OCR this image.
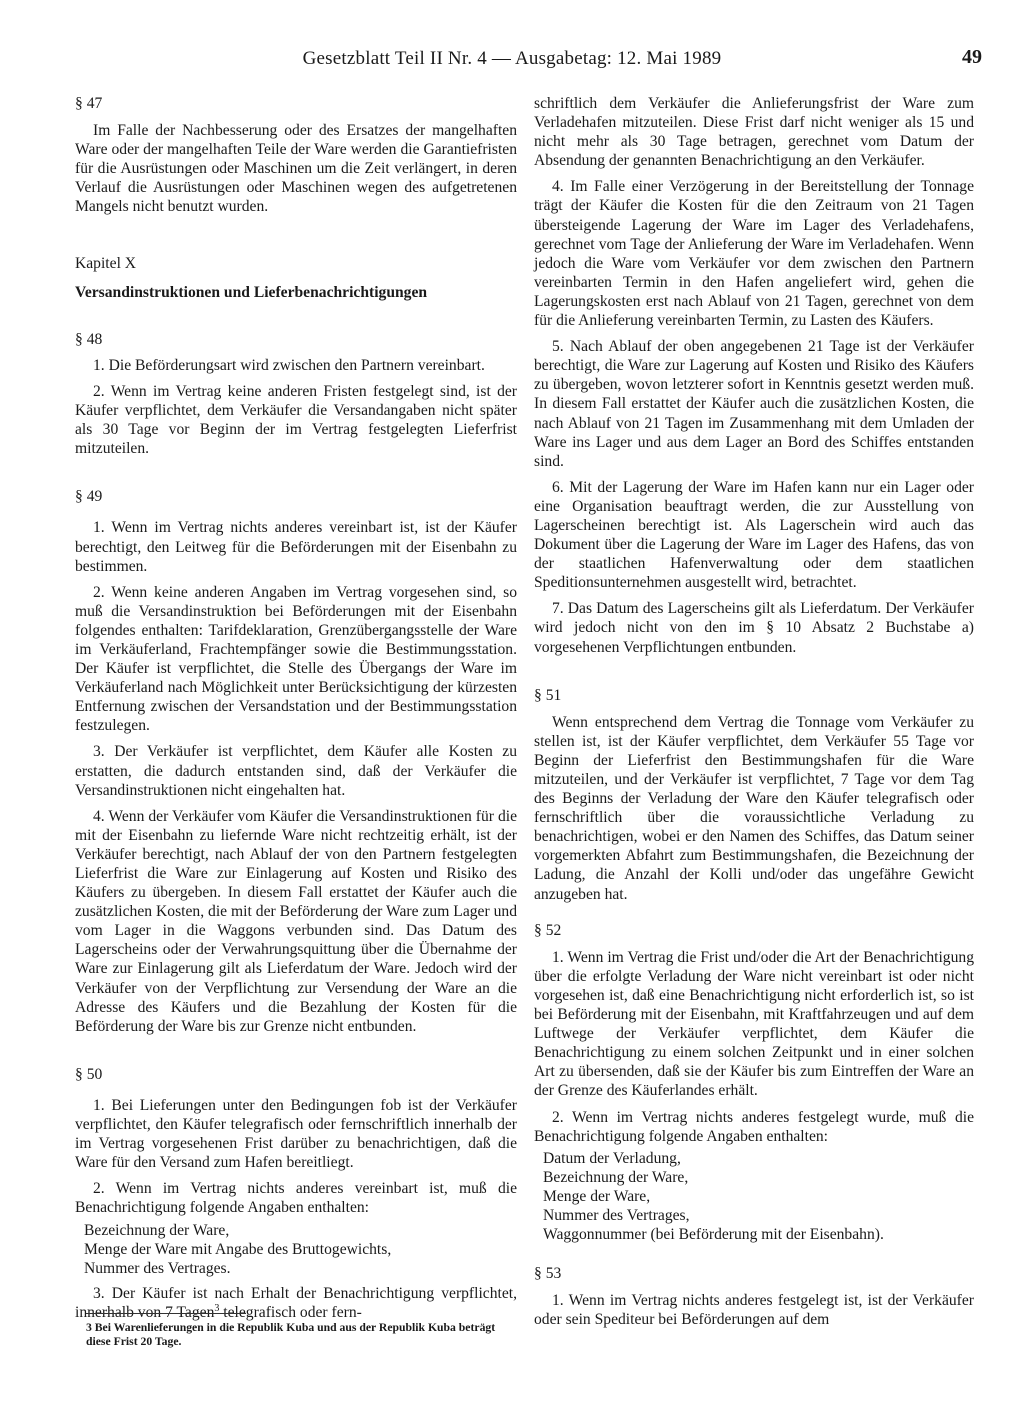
Gesetzblatt Teil II Nr. 4 — Ausgabetag: 12. Mai 1989	49

§ 47

Im Falle der Nachbesserung oder des Ersatzes der mangelhaften Ware oder der mangelhaften Teile der Ware werden die Garantiefristen für die Ausrüstungen oder Maschinen um die Zeit verlängert, in deren Verlauf die Ausrüstungen oder Maschinen wegen des aufgetretenen Mangels nicht benutzt wurden.

Kapitel X

Versandinstruktionen und Lieferbenachrichtigungen

§ 48

1. Die Beförderungsart wird zwischen den Partnern vereinbart.

2. Wenn im Vertrag keine anderen Fristen festgelegt sind, ist der Käufer verpflichtet, dem Verkäufer die Versandangaben nicht später als 30 Tage vor Beginn der im Vertrag festgelegten Lieferfrist mitzuteilen.

§ 49

1. Wenn im Vertrag nichts anderes vereinbart ist, ist der Käufer berechtigt, den Leitweg für die Beförderungen mit der Eisenbahn zu bestimmen.

2. Wenn keine anderen Angaben im Vertrag vorgesehen sind, so muß die Versandinstruktion bei Beförderungen mit der Eisenbahn folgendes enthalten: Tarifdeklaration, Grenzübergangsstelle der Ware im Verkäuferland, Frachtempfänger sowie die Bestimmungsstation. Der Käufer ist verpflichtet, die Stelle des Übergangs der Ware im Verkäuferland nach Möglichkeit unter Berücksichtigung der kürzesten Entfernung zwischen der Versandstation und der Bestimmungsstation festzulegen.

3. Der Verkäufer ist verpflichtet, dem Käufer alle Kosten zu erstatten, die dadurch entstanden sind, daß der Verkäufer die Versandinstruktionen nicht eingehalten hat.

4. Wenn der Verkäufer vom Käufer die Versandinstruktionen für die mit der Eisenbahn zu liefernde Ware nicht rechtzeitig erhält, ist der Verkäufer berechtigt, nach Ablauf der von den Partnern festgelegten Lieferfrist die Ware zur Einlagerung auf Kosten und Risiko des Käufers zu übergeben. In diesem Fall erstattet der Käufer auch die zusätzlichen Kosten, die mit der Beförderung der Ware zum Lager und vom Lager in die Waggons verbunden sind. Das Datum des Lagerscheins oder der Verwahrungsquittung über die Übernahme der Ware zur Einlagerung gilt als Lieferdatum der Ware. Jedoch wird der Verkäufer von der Verpflichtung zur Versendung der Ware an die Adresse des Käufers und die Bezahlung der Kosten für die Beförderung der Ware bis zur Grenze nicht entbunden.

§ 50

1. Bei Lieferungen unter den Bedingungen fob ist der Verkäufer verpflichtet, den Käufer telegrafisch oder fernschriftlich innerhalb der im Vertrag vorgesehenen Frist darüber zu benachrichtigen, daß die Ware für den Versand zum Hafen bereitliegt.

2. Wenn im Vertrag nichts anderes vereinbart ist, muß die Benachrichtigung folgende Angaben enthalten:

Bezeichnung der Ware,

Menge der Ware mit Angabe des Bruttogewichts,

Nummer des Vertrages.

3. Der Käufer ist nach Erhalt der Benachrichtigung verpflichtet, innerhalb von 7 Tagen$^3$ telegrafisch oder fern-

3 Bei Warenlieferungen in die Republik Kuba und aus der Republik Kuba beträgt diese Frist 20 Tage.

schriftlich dem Verkäufer die Anlieferungsfrist der Ware zum Verladehafen mitzuteilen. Diese Frist darf nicht weniger als 15 und nicht mehr als 30 Tage betragen, gerechnet vom Datum der Absendung der genannten Benachrichtigung an den Verkäufer.

4. Im Falle einer Verzögerung in der Bereitstellung der Tonnage trägt der Käufer die Kosten für die den Zeitraum von 21 Tagen übersteigende Lagerung der Ware im Lager des Verladehafens, gerechnet vom Tage der Anlieferung der Ware im Verladehafen. Wenn jedoch die Ware vom Verkäufer vor dem zwischen den Partnern vereinbarten Termin in den Hafen angeliefert wird, gehen die Lagerungskosten erst nach Ablauf von 21 Tagen, gerechnet von dem für die Anlieferung vereinbarten Termin, zu Lasten des Käufers.

5. Nach Ablauf der oben angegebenen 21 Tage ist der Verkäufer berechtigt, die Ware zur Lagerung auf Kosten und Risiko des Käufers zu übergeben, wovon letzterer sofort in Kenntnis gesetzt werden muß. In diesem Fall erstattet der Käufer auch die zusätzlichen Kosten, die nach Ablauf von 21 Tagen im Zusammenhang mit dem Umladen der Ware ins Lager und aus dem Lager an Bord des Schiffes entstanden sind.

6. Mit der Lagerung der Ware im Hafen kann nur ein Lager oder eine Organisation beauftragt werden, die zur Ausstellung von Lagerscheinen berechtigt ist. Als Lagerschein wird auch das Dokument über die Lagerung der Ware im Lager des Hafens, das von der staatlichen Hafenverwaltung oder dem staatlichen Speditionsunternehmen ausgestellt wird, betrachtet.

7. Das Datum des Lagerscheins gilt als Lieferdatum. Der Verkäufer wird jedoch nicht von den im § 10 Absatz 2 Buchstabe a) vorgesehenen Verpflichtungen entbunden.

§ 51

Wenn entsprechend dem Vertrag die Tonnage vom Verkäufer zu stellen ist, ist der Käufer verpflichtet, dem Verkäufer 55 Tage vor Beginn der Lieferfrist den Bestimmungshafen für die Ware mitzuteilen, und der Verkäufer ist verpflichtet, 7 Tage vor dem Tag des Beginns der Verladung der Ware den Käufer telegrafisch oder fernschriftlich über die voraussichtliche Verladung zu benachrichtigen, wobei er den Namen des Schiffes, das Datum seiner vorgemerkten Abfahrt zum Bestimmungshafen, die Bezeichnung der Ladung, die Anzahl der Kolli und/oder das ungefähre Gewicht anzugeben hat.

§ 52

1. Wenn im Vertrag die Frist und/oder die Art der Benachrichtigung über die erfolgte Verladung der Ware nicht vereinbart ist oder nicht vorgesehen ist, daß eine Benachrichtigung nicht erforderlich ist, so ist bei Beförderung mit der Eisenbahn, mit Kraftfahrzeugen und auf dem Luftwege der Verkäufer verpflichtet, dem Käufer die Benachrichtigung zu einem solchen Zeitpunkt und in einer solchen Art zu übersenden, daß sie der Käufer bis zum Eintreffen der Ware an der Grenze des Käuferlandes erhält.

2. Wenn im Vertrag nichts anderes festgelegt wurde, muß die Benachrichtigung folgende Angaben enthalten:

Datum der Verladung,

Bezeichnung der Ware,

Menge der Ware,

Nummer des Vertrages,

Waggonnummer (bei Beförderung mit der Eisenbahn).

§ 53

1. Wenn im Vertrag nichts anderes festgelegt ist, ist der Verkäufer oder sein Spediteur bei Beförderungen auf dem
